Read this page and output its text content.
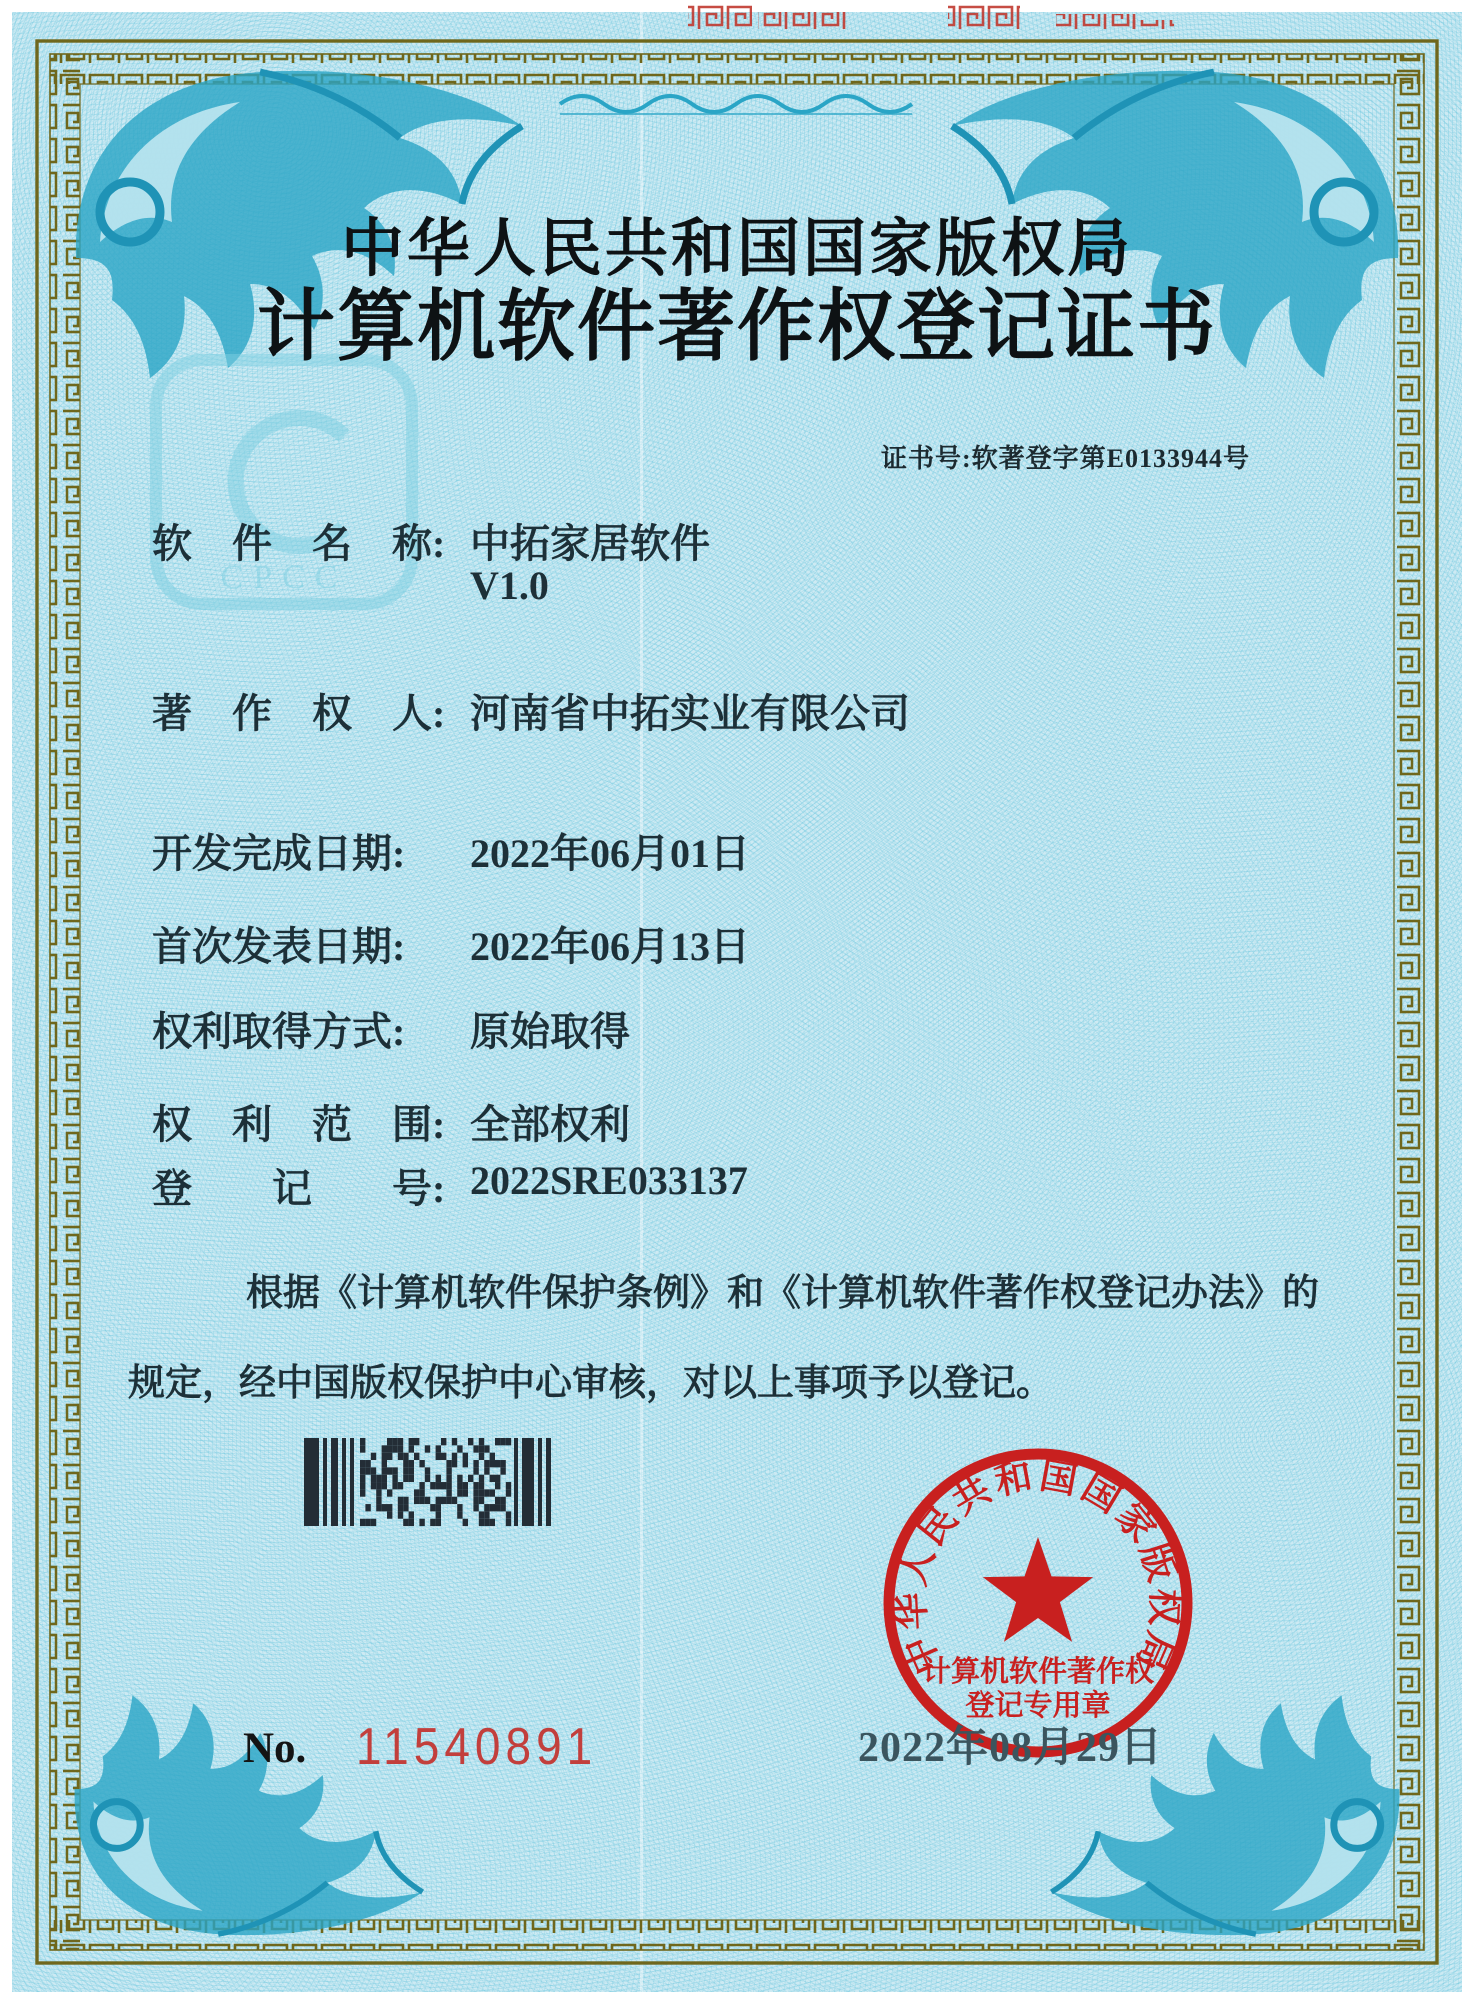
CPCC
中华人民共和国国家版权局
计算机软件著作权
登记专用章
中华人民共和国国家版权局
计算机软件著作权登记证书
证书号:软著登字第E0133944号
软　件　名　称: 中拓家居软件
V1.0
著　作　权　人: 河南省中拓实业有限公司
开发完成日期: 2022年06月01日
首次发表日期: 2022年06月13日
权利取得方式: 原始取得
权　利　范　围: 全部权利
登　　记　　号: 2022SRE033137

根据《计算机软件保护条例》和《计算机软件著作权登记办法》的

规定，经中国版权保护中心审核，对以上事项予以登记。

2022年08月29日
No. 11540891
